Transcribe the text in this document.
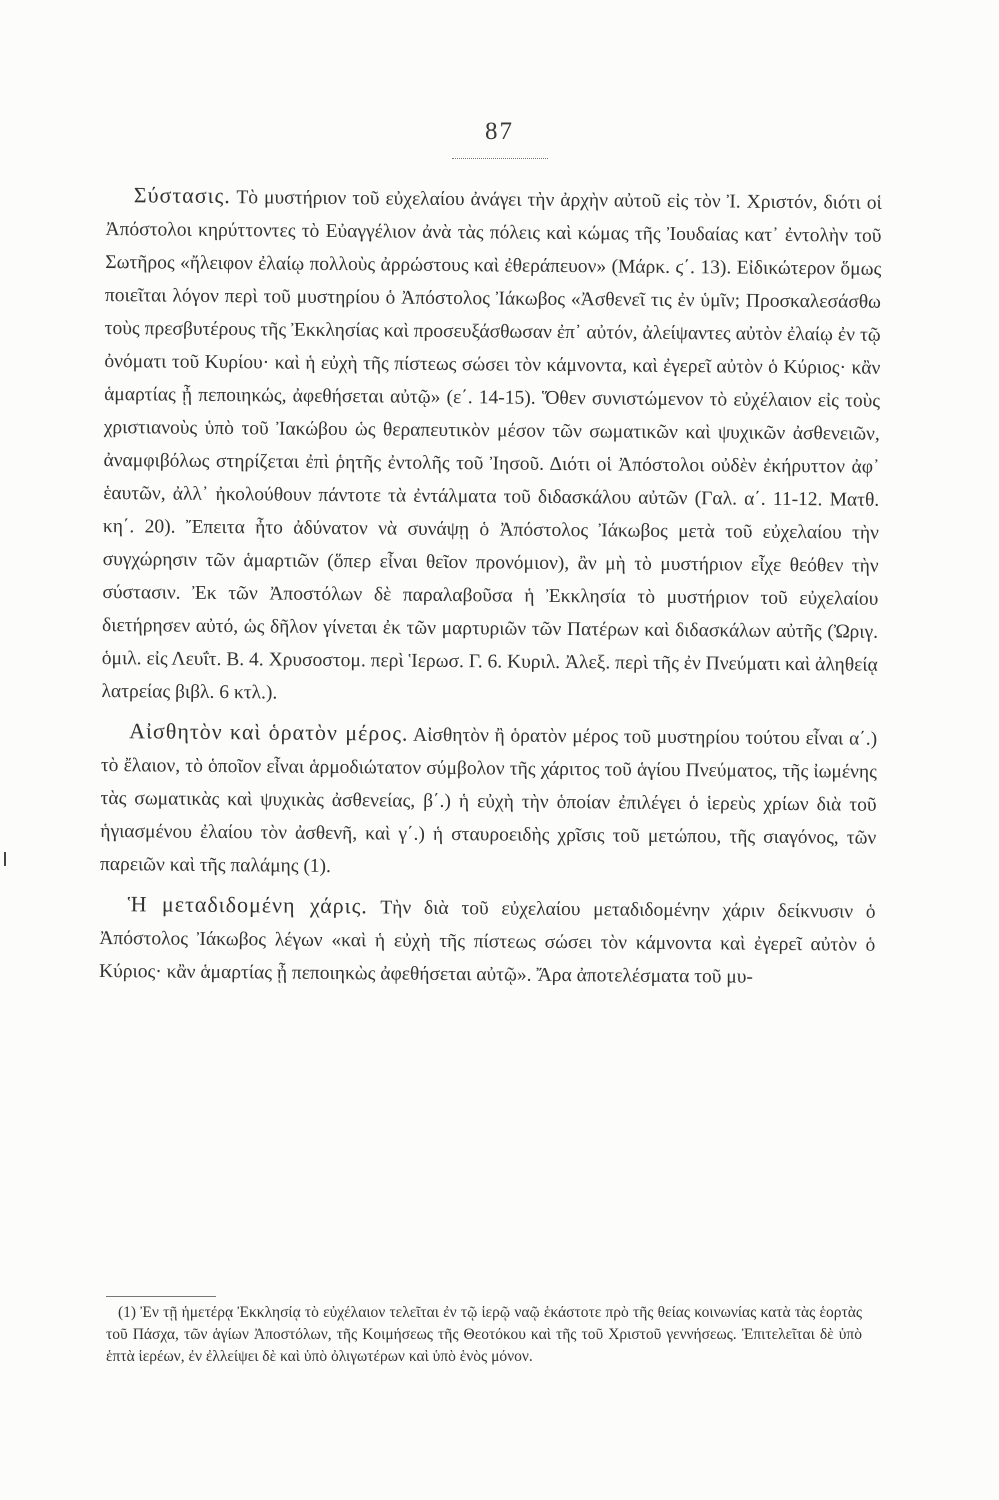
87

Σύστασις. Τὸ μυστήριον τοῦ εὐχελαίου ἀνάγει τὴν ἀρχὴν αὐτοῦ εἰς τὸν Ἰ. Χριστόν, διότι οἱ Ἀπόστολοι κηρύττοντες τὸ Εὐαγγέλιον ἀνὰ τὰς πόλεις καὶ κώμας τῆς Ἰουδαίας κατ᾽ ἐντολὴν τοῦ Σωτῆρος «ἤλειφον ἐλαίῳ πολλοὺς ἀρρώστους καὶ ἐθεράπευον» (Μάρκ. ϛ΄. 13). Εἰδικώτερον ὅμως ποιεῖται λόγον περὶ τοῦ μυστηρίου ὁ Ἀπόστολος Ἰάκωβος «Ἀσθενεῖ τις ἐν ὑμῖν; Προσκαλεσάσθω τοὺς πρεσβυτέρους τῆς Ἐκκλησίας καὶ προσευξάσθωσαν ἐπ᾽ αὐτόν, ἀλείψαντες αὐτὸν ἐλαίῳ ἐν τῷ ὀνόματι τοῦ Κυρίου· καὶ ἡ εὐχὴ τῆς πίστεως σώσει τὸν κάμνοντα, καὶ ἐγερεῖ αὐτὸν ὁ Κύριος· κἂν ἁμαρτίας ᾖ πεποιηκώς, ἀφεθήσεται αὐτῷ» (ε΄. 14-15). Ὅθεν συνιστώμενον τὸ εὐχέλαιον εἰς τοὺς χριστιανοὺς ὑπὸ τοῦ Ἰακώβου ὡς θεραπευτικὸν μέσον τῶν σωματικῶν καὶ ψυχικῶν ἀσθενειῶν, ἀναμφιβόλως στηρίζεται ἐπὶ ῥητῆς ἐντολῆς τοῦ Ἰησοῦ. Διότι οἱ Ἀπόστολοι οὐδὲν ἐκήρυττον ἀφ᾽ ἑαυτῶν, ἀλλ᾽ ἠκολούθουν πάντοτε τὰ ἐντάλματα τοῦ διδασκάλου αὐτῶν (Γαλ. α΄. 11-12. Ματθ. κη΄. 20). Ἔπειτα ἦτο ἀδύνατον νὰ συνάψῃ ὁ Ἀπόστολος Ἰάκωβος μετὰ τοῦ εὐχελαίου τὴν συγχώρησιν τῶν ἁμαρτιῶν (ὅπερ εἶναι θεῖον προνόμιον), ἂν μὴ τὸ μυστήριον εἶχε θεόθεν τὴν σύστασιν. Ἐκ τῶν Ἀποστόλων δὲ παραλαβοῦσα ἡ Ἐκκλησία τὸ μυστήριον τοῦ εὐχελαίου διετήρησεν αὐτό, ὡς δῆλον γίνεται ἐκ τῶν μαρτυριῶν τῶν Πατέρων καὶ διδασκάλων αὐτῆς (Ὠριγ. ὁμιλ. εἰς Λευΐτ. Β. 4. Χρυσοστομ. περὶ Ἱερωσ. Γ. 6. Κυριλ. Ἀλεξ. περὶ τῆς ἐν Πνεύματι καὶ ἀληθείᾳ λατρείας βιβλ. 6 κτλ.).

Αἰσθητὸν καὶ ὁρατὸν μέρος. Αἰσθητὸν ἢ ὁρατὸν μέρος τοῦ μυστηρίου τούτου εἶναι α΄.) τὸ ἔλαιον, τὸ ὁποῖον εἶναι ἁρμοδιώτατον σύμβολον τῆς χάριτος τοῦ ἁγίου Πνεύματος, τῆς ἰωμένης τὰς σωματικὰς καὶ ψυχικὰς ἀσθενείας, β΄.) ἡ εὐχὴ τὴν ὁποίαν ἐπιλέγει ὁ ἱερεὺς χρίων διὰ τοῦ ἡγιασμένου ἐλαίου τὸν ἀσθενῆ, καὶ γ΄.) ἡ σταυροειδὴς χρῖσις τοῦ μετώπου, τῆς σιαγόνος, τῶν παρειῶν καὶ τῆς παλάμης (1).

Ἡ μεταδιδομένη χάρις. Τὴν διὰ τοῦ εὐχελαίου μεταδιδομένην χάριν δείκνυσιν ὁ Ἀπόστολος Ἰάκωβος λέγων «καὶ ἡ εὐχὴ τῆς πίστεως σώσει τὸν κάμνοντα καὶ ἐγερεῖ αὐτὸν ὁ Κύριος· κἂν ἁμαρτίας ᾖ πεποιηκὼς ἀφεθήσεται αὐτῷ». Ἄρα ἀποτελέσματα τοῦ μυ-

(1) Ἐν τῇ ἡμετέρᾳ Ἐκκλησίᾳ τὸ εὐχέλαιον τελεῖται ἐν τῷ ἱερῷ ναῷ ἑκάστοτε πρὸ τῆς θείας κοινωνίας κατὰ τὰς ἑορτὰς τοῦ Πάσχα, τῶν ἁγίων Ἀποστόλων, τῆς Κοιμήσεως τῆς Θεοτόκου καὶ τῆς τοῦ Χριστοῦ γεννήσεως. Ἐπιτελεῖται δὲ ὑπὸ ἑπτὰ ἱερέων, ἐν ἐλλείψει δὲ καὶ ὑπὸ ὀλιγωτέρων καὶ ὑπὸ ἑνὸς μόνον.
